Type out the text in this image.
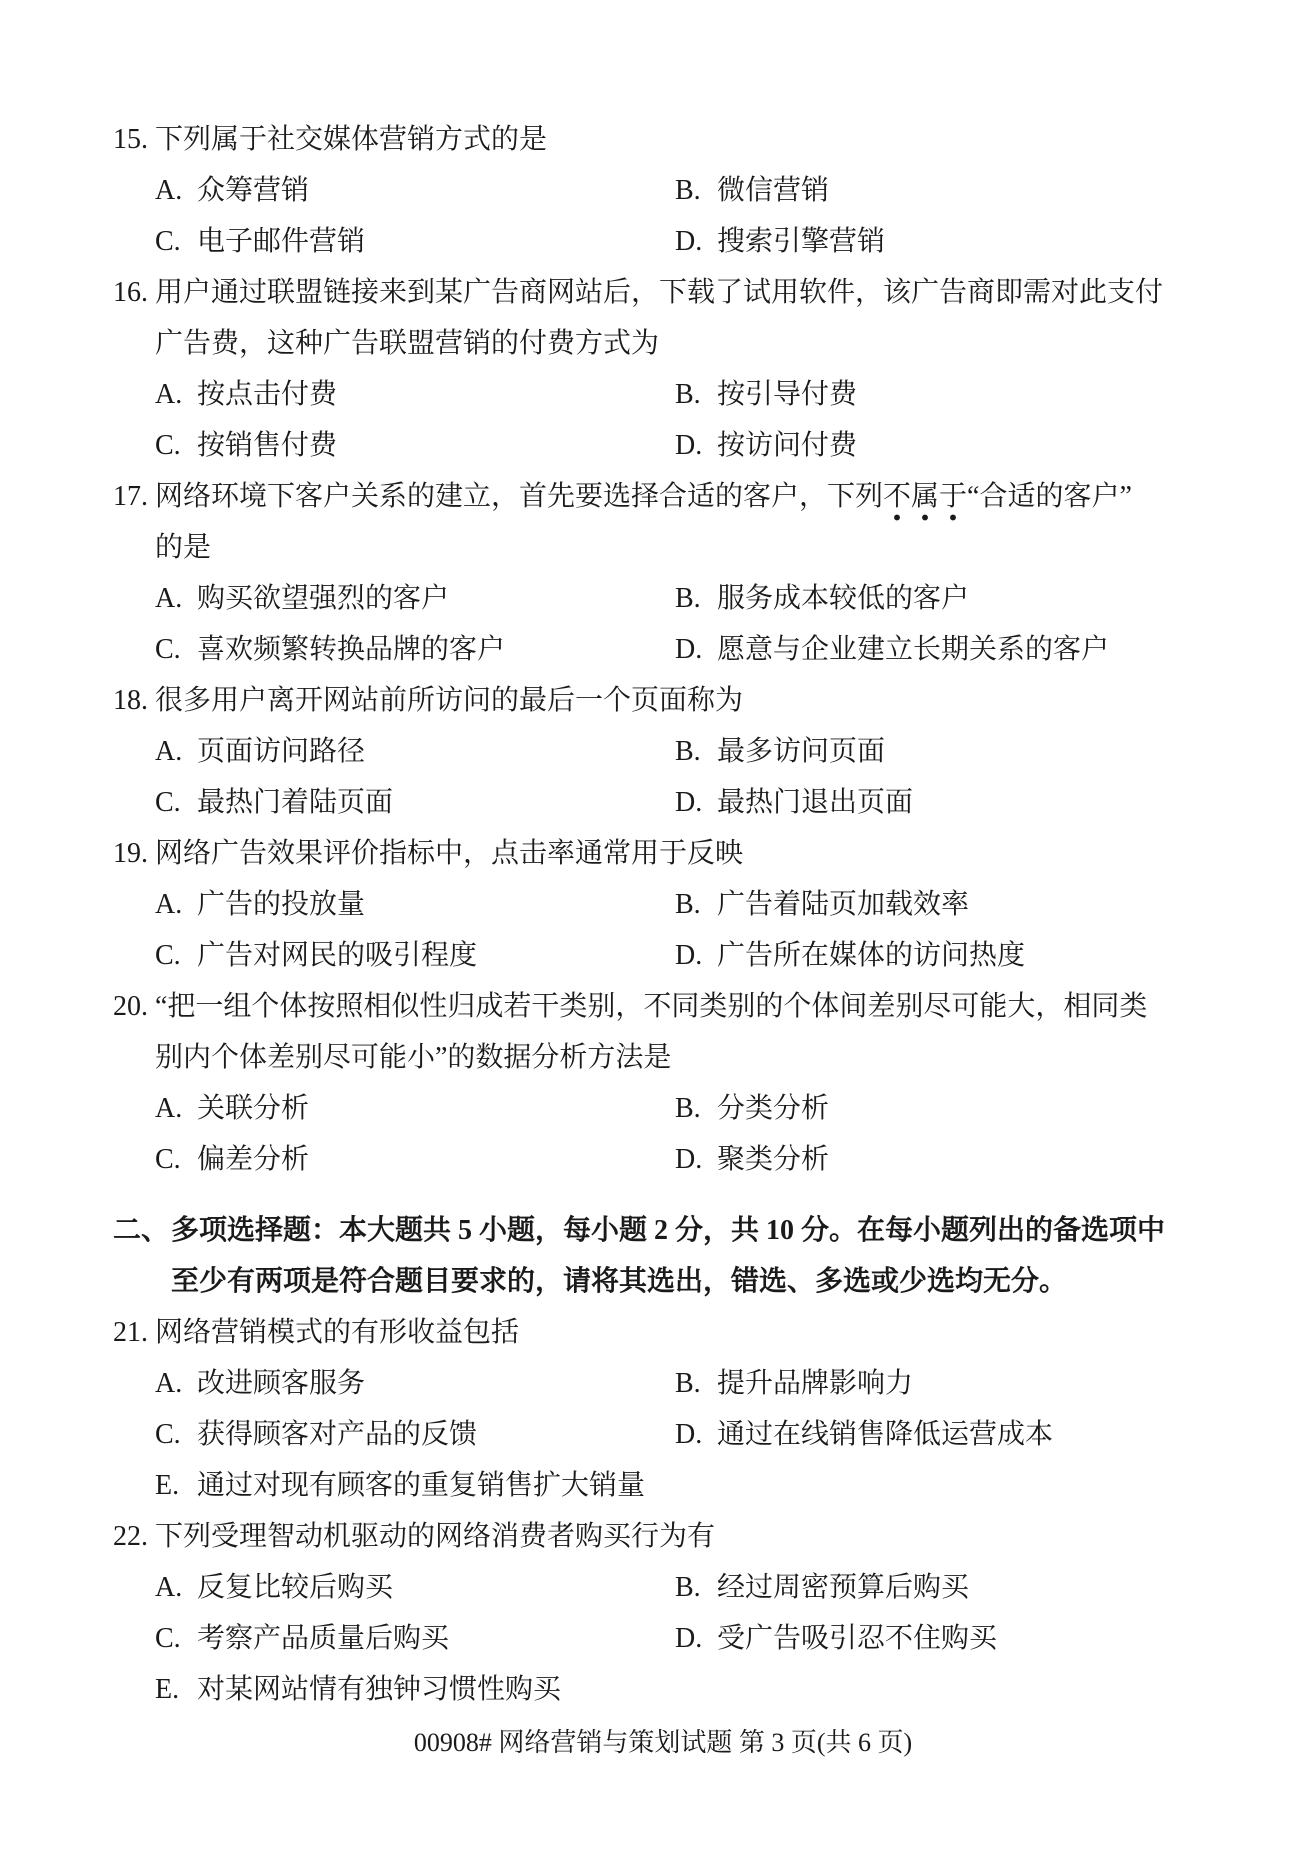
15. 下列属于社交媒体营销方式的是
A. 众筹营销	B. 微信营销
C. 电子邮件营销	D. 搜索引擎营销
16. 用户通过联盟链接来到某广告商网站后，下载了试用软件，该广告商即需对此支付
广告费，这种广告联盟营销的付费方式为
A. 按点击付费	B. 按引导付费
C. 按销售付费	D. 按访问付费
17. 网络环境下客户关系的建立，首先要选择合适的客户，下列不属于“合适的客户”
的是
A. 购买欲望强烈的客户	B. 服务成本较低的客户
C. 喜欢频繁转换品牌的客户	D. 愿意与企业建立长期关系的客户
18. 很多用户离开网站前所访问的最后一个页面称为
A. 页面访问路径	B. 最多访问页面
C. 最热门着陆页面	D. 最热门退出页面
19. 网络广告效果评价指标中，点击率通常用于反映
A. 广告的投放量	B. 广告着陆页加载效率
C. 广告对网民的吸引程度	D. 广告所在媒体的访问热度
20. “把一组个体按照相似性归成若干类别，不同类别的个体间差别尽可能大，相同类
别内个体差别尽可能小”的数据分析方法是
A. 关联分析	B. 分类分析
C. 偏差分析	D. 聚类分析
二、 多项选择题：本大题共 5 小题，每小题 2 分，共 10 分。在每小题列出的备选项中
至少有两项是符合题目要求的，请将其选出，错选、多选或少选均无分。
21. 网络营销模式的有形收益包括
A. 改进顾客服务	B. 提升品牌影响力
C. 获得顾客对产品的反馈	D. 通过在线销售降低运营成本
E. 通过对现有顾客的重复销售扩大销量
22. 下列受理智动机驱动的网络消费者购买行为有
A. 反复比较后购买	B. 经过周密预算后购买
C. 考察产品质量后购买	D. 受广告吸引忍不住购买
E. 对某网站情有独钟习惯性购买
00908# 网络营销与策划试题 第 3 页(共 6 页)
